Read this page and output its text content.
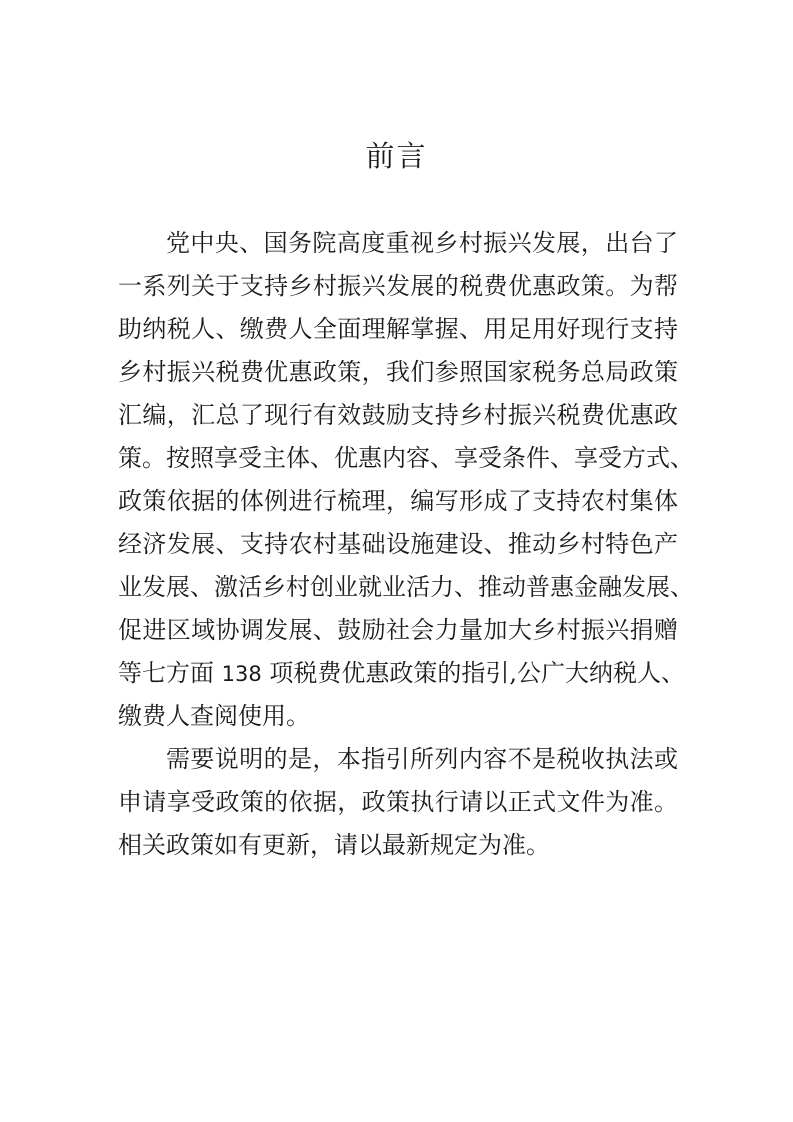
前言

党中央、国务院高度重视乡村振兴发展，出台了

一系列关于支持乡村振兴发展的税费优惠政策。为帮

助纳税人、缴费人全面理解掌握、用足用好现行支持

乡村振兴税费优惠政策，我们参照国家税务总局政策

汇编，汇总了现行有效鼓励支持乡村振兴税费优惠政

策。按照享受主体、优惠内容、享受条件、享受方式、

政策依据的体例进行梳理，编写形成了支持农村集体

经济发展、支持农村基础设施建设、推动乡村特色产

业发展、激活乡村创业就业活力、推动普惠金融发展、

促进区域协调发展、鼓励社会力量加大乡村振兴捐赠

等七方面 138 项税费优惠政策的指引,公广大纳税人、

缴费人查阅使用。

需要说明的是，本指引所列内容不是税收执法或

申请享受政策的依据，政策执行请以正式文件为准。

相关政策如有更新，请以最新规定为准。
